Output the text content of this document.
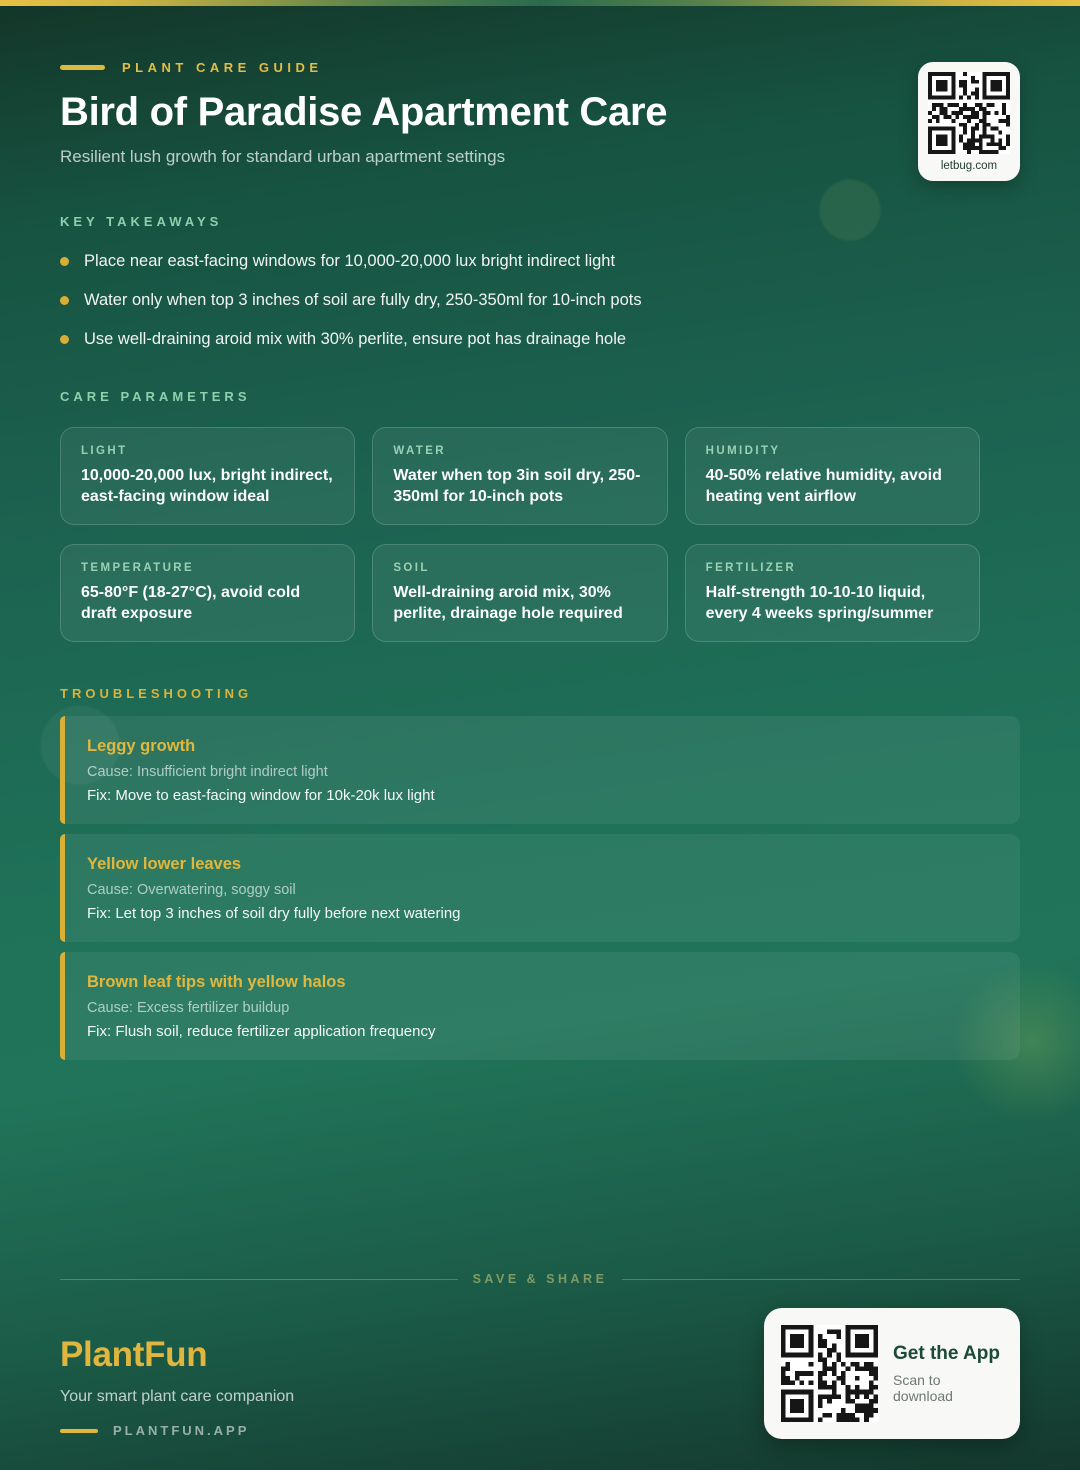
letbug.com
PLANT CARE GUIDE
Bird of Paradise Apartment Care
Resilient lush growth for standard urban apartment settings
KEY TAKEAWAYS
Place near east-facing windows for 10,000-20,000 lux bright indirect light
Water only when top 3 inches of soil are fully dry, 250-350ml for 10-inch pots
Use well-draining aroid mix with 30% perlite, ensure pot has drainage hole
CARE PARAMETERS
LIGHT
10,000-20,000 lux, bright indirect, east-facing window ideal
WATER
Water when top 3in soil dry, 250-350ml for 10-inch pots
HUMIDITY
40-50% relative humidity, avoid heating vent airflow
TEMPERATURE
65-80°F (18-27°C), avoid cold draft exposure
SOIL
Well-draining aroid mix, 30% perlite, drainage hole required
FERTILIZER
Half-strength 10-10-10 liquid, every 4 weeks spring/summer
TROUBLESHOOTING
Leggy growth
Cause: Insufficient bright indirect light
Fix: Move to east-facing window for 10k-20k lux light
Yellow lower leaves
Cause: Overwatering, soggy soil
Fix: Let top 3 inches of soil dry fully before next watering
Brown leaf tips with yellow halos
Cause: Excess fertilizer buildup
Fix: Flush soil, reduce fertilizer application frequency
SAVE & SHARE
PlantFun
Your smart plant care companion
PLANTFUN.APP
Get the App
Scan to download
